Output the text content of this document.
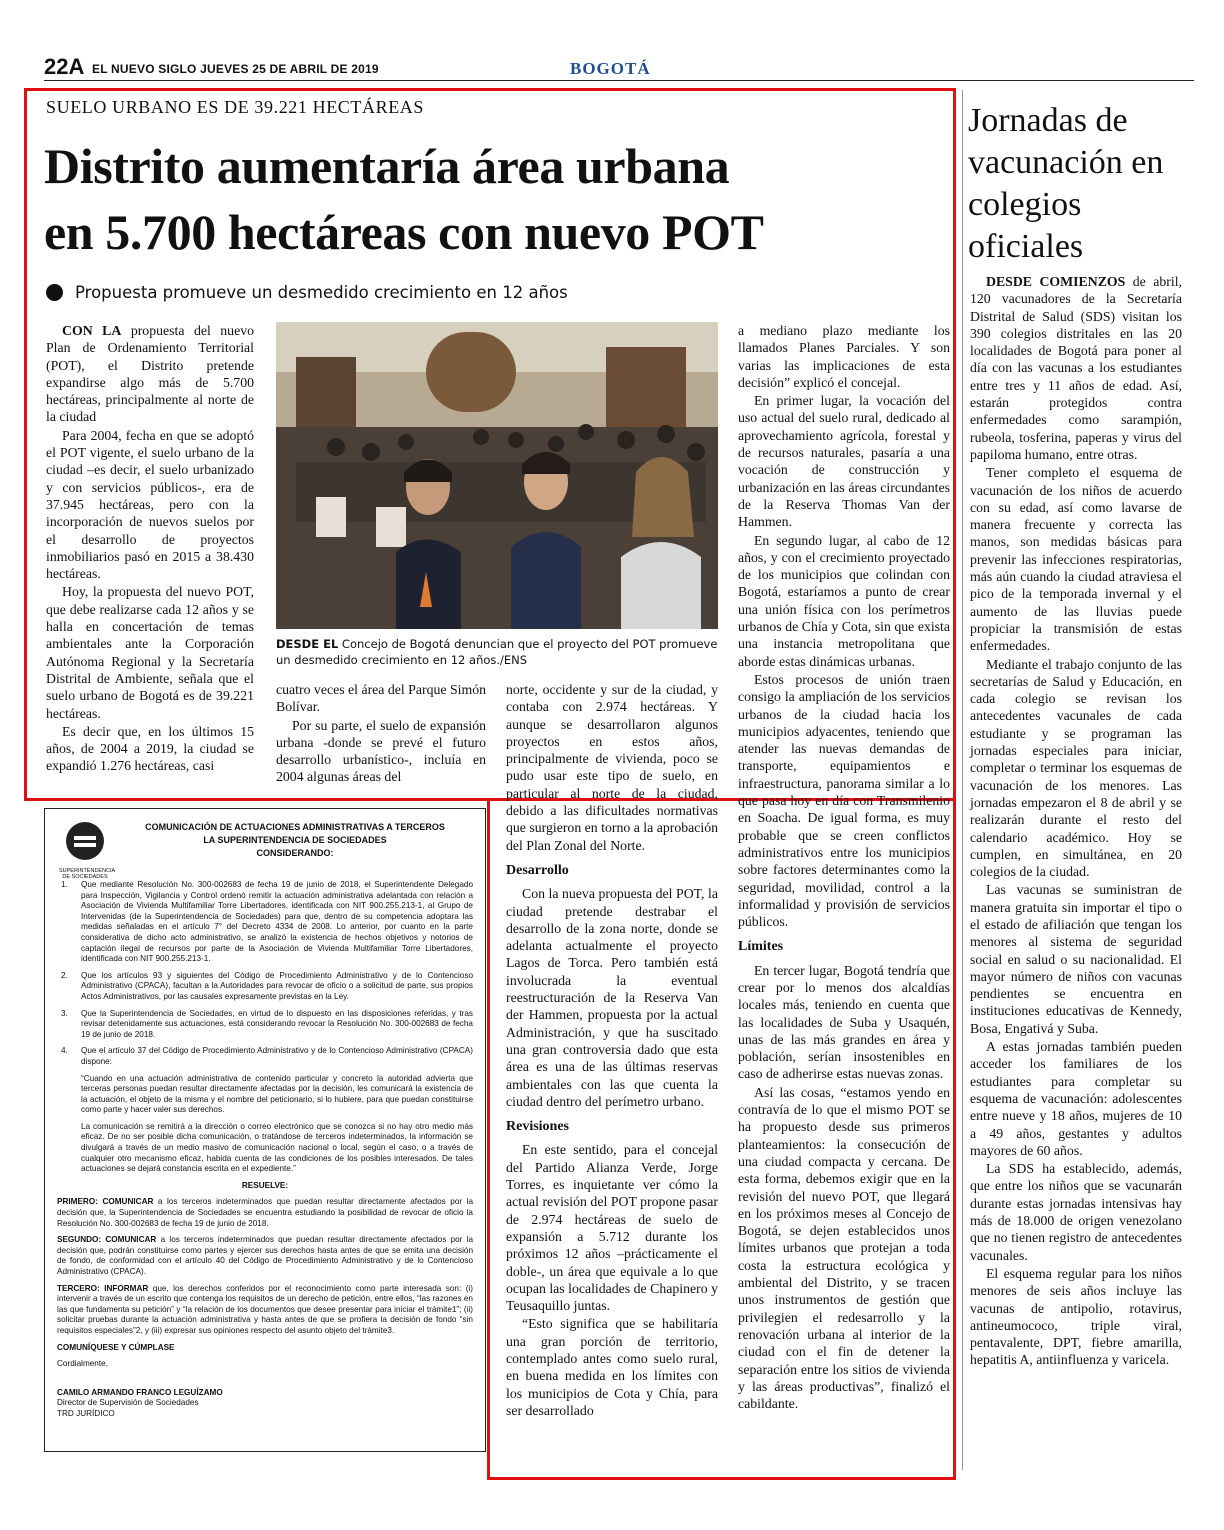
22A EL NUEVO SIGLO JUEVES 25 DE ABRIL DE 2019	BOGOTÁ
SUELO URBANO ES DE 39.221 HECTÁREAS
Distrito aumentaría área urbana
en 5.700 hectáreas con nuevo POT
Propuesta promueve un desmedido crecimiento en 12 años

CON LA propuesta del nuevo Plan de Ordenamiento Territorial (POT), el Distrito pretende expandirse algo más de 5.700 hectáreas, principalmente al norte de la ciudad

Para 2004, fecha en que se adoptó el POT vigente, el suelo urbano de la ciudad –es decir, el suelo urbanizado y con servicios públicos-, era de 37.945 hectáreas, pero con la incorporación de nuevos suelos por el desarrollo de proyectos inmobiliarios pasó en 2015 a 38.430 hectáreas.

Hoy, la propuesta del nuevo POT, que debe realizarse cada 12 años y se halla en concertación de temas ambientales ante la Corporación Autónoma Regional y la Secretaría Distrital de Ambiente, señala que el suelo urbano de Bogotá es de 39.221 hectáreas.

Es decir que, en los últimos 15 años, de 2004 a 2019, la ciudad se expandió 1.276 hectáreas, casi

DESDE EL Concejo de Bogotá denuncian que el proyecto del POT promueve un desmedido crecimiento en 12 años./ENS

cuatro veces el área del Parque Simón Bolívar.

Por su parte, el suelo de expansión urbana -donde se prevé el futuro desarrollo urbanístico-, incluía en 2004 algunas áreas del

norte, occidente y sur de la ciudad, y contaba con 2.974 hectáreas. Y aunque se desarrollaron algunos proyectos en estos años, principalmente de vivienda, poco se pudo usar este tipo de suelo, en particular al norte de la ciudad, debido a las dificultades normativas que surgieron en torno a la aprobación del Plan Zonal del Norte.

Desarrollo

Con la nueva propuesta del POT, la ciudad pretende destrabar el desarrollo de la zona norte, donde se adelanta actualmente el proyecto Lagos de Torca. Pero también está involucrada la eventual reestructuración de la Reserva Van der Hammen, propuesta por la actual Administración, y que ha suscitado una gran controversia dado que esta área es una de las últimas reservas ambientales con las que cuenta la ciudad dentro del perímetro urbano.

Revisiones

En este sentido, para el concejal del Partido Alianza Verde, Jorge Torres, es inquietante ver cómo la actual revisión del POT propone pasar de 2.974 hectáreas de suelo de expansión a 5.712 durante los próximos 12 años –prácticamente el doble-, un área que equivale a lo que ocupan las localidades de Chapinero y Teusaquillo juntas.

“Esto significa que se habilitaría una gran porción de territorio, contemplado antes como suelo rural, en buena medida en los límites con los municipios de Cota y Chía, para ser desarrollado

a mediano plazo mediante los llamados Planes Parciales. Y son varias las implicaciones de esta decisión” explicó el concejal.

En primer lugar, la vocación del uso actual del suelo rural, dedicado al aprovechamiento agrícola, forestal y de recursos naturales, pasaría a una vocación de construcción y urbanización en las áreas circundantes de la Reserva Thomas Van der Hammen.

En segundo lugar, al cabo de 12 años, y con el crecimiento proyectado de los municipios que colindan con Bogotá, estaríamos a punto de crear una unión física con los perímetros urbanos de Chía y Cota, sin que exista una instancia metropolitana que aborde estas dinámicas urbanas.

Estos procesos de unión traen consigo la ampliación de los servicios urbanos de la ciudad hacia los municipios adyacentes, teniendo que atender las nuevas demandas de transporte, equipamientos e infraestructura, panorama similar a lo que pasa hoy en día con Transmilenio en Soacha. De igual forma, es muy probable que se creen conflictos administrativos entre los municipios sobre factores determinantes como la seguridad, movilidad, control a la informalidad y provisión de servicios públicos.

Límites

En tercer lugar, Bogotá tendría que crear por lo menos dos alcaldías locales más, teniendo en cuenta que las localidades de Suba y Usaquén, unas de las más grandes en área y población, serían insostenibles en caso de adherirse estas nuevas zonas.

Así las cosas, “estamos yendo en contravía de lo que el mismo POT se ha propuesto desde sus primeros planteamientos: la consecución de una ciudad compacta y cercana. De esta forma, debemos exigir que en la revisión del nuevo POT, que llegará en los próximos meses al Concejo de Bogotá, se dejen establecidos unos límites urbanos que protejan a toda costa la estructura ecológica y ambiental del Distrito, y se tracen unos instrumentos de gestión que privilegien el redesarrollo y la renovación urbana al interior de la ciudad con el fin de detener la separación entre los sitios de vivienda y las áreas productivas”, finalizó el cabildante.

SUPERINTENDENCIA DE SOCIEDADES
COMUNICACIÓN DE ACTUACIONES ADMINISTRATIVAS A TERCEROS
LA SUPERINTENDENCIA DE SOCIEDADES
CONSIDERANDO:
1.	Que mediante Resolución No. 300-002683 de fecha 19 de junio de 2018, el Superintendente Delegado para Inspección, Vigilancia y Control ordenó remitir la actuación administrativa adelantada con relación a Asociación de Vivienda Multifamiliar Torre Libertadores, identificada con NIT 900.255.213-1, al Grupo de Intervenidas (de la Superintendencia de Sociedades) para que, dentro de su competencia adoptara las medidas señaladas en el artículo 7° del Decreto 4334 de 2008. Lo anterior, por cuanto en la parte considerativa de dicho acto administrativo, se analizó la existencia de hechos objetivos y notorios de captación ilegal de recursos por parte de la Asociación de Vivienda Multifamiliar Torre Libertadores, identificada con NIT 900.255.213-1.
2.	Que los artículos 93 y siguientes del Código de Procedimiento Administrativo y de lo Contencioso Administrativo (CPACA), facultan a la Autoridades para revocar de oficio o a solicitud de parte, sus propios Actos Administrativos, por las causales expresamente previstas en la Ley.
3.	Que la Superintendencia de Sociedades, en virtud de lo dispuesto en las disposiciones referidas, y tras revisar detenidamente sus actuaciones, está considerando revocar la Resolución No. 300-002683 de fecha 19 de junio de 2018.
4.	Que el artículo 37 del Código de Procedimiento Administrativo y de lo Contencioso Administrativo (CPACA) dispone:
“Cuando en una actuación administrativa de contenido particular y concreto la autoridad advierta que terceras personas puedan resultar directamente afectadas por la decisión, les comunicará la existencia de la actuación, el objeto de la misma y el nombre del peticionario, si lo hubiere, para que puedan constituirse como parte y hacer valer sus derechos.
La comunicación se remitirá a la dirección o correo electrónico que se conozca si no hay otro medio más eficaz. De no ser posible dicha comunicación, o tratándose de terceros indeterminados, la información se divulgará a través de un medio masivo de comunicación nacional o local, según el caso, o a través de cualquier otro mecanismo eficaz, habida cuenta de las condiciones de los posibles interesados. De tales actuaciones se dejará constancia escrita en el expediente.”
RESUELVE:
PRIMERO: COMUNICAR a los terceros indeterminados que puedan resultar directamente afectados por la decisión que, la Superintendencia de Sociedades se encuentra estudiando la posibilidad de revocar de oficio la Resolución No. 300-002683 de fecha 19 de junio de 2018.
SEGUNDO: COMUNICAR a los terceros indeterminados que puedan resultar directamente afectados por la decisión que, podrán constituirse como partes y ejercer sus derechos hasta antes de que se emita una decisión de fondo, de conformidad con el artículo 40 del Código de Procedimiento Administrativo y de lo Contencioso Administrativo (CPACA).
TERCERO: INFORMAR que, los derechos conferidos por el reconocimiento como parte interesada son: (i) intervenir a través de un escrito que contenga los requisitos de un derecho de petición, entre ellos, “las razones en las que fundamenta su petición” y “la relación de los documentos que desee presentar para iniciar el trámite1”; (ii) solicitar pruebas durante la actuación administrativa y hasta antes de que se profiera la decisión de fondo “sin requisitos especiales”2, y (iii) expresar sus opiniones respecto del asunto objeto del trámite3.
COMUNÍQUESE Y CÚMPLASE
Cordialmente,
CAMILO ARMANDO FRANCO LEGUÍZAMO
Director de Supervisión de Sociedades
TRD JURÍDICO
Jornadas de vacunación en colegios oficiales

DESDE COMIENZOS de abril, 120 vacunadores de la Secretaría Distrital de Salud (SDS) visitan los 390 colegios distritales en las 20 localidades de Bogotá para poner al día con las vacunas a los estudiantes entre tres y 11 años de edad. Así, estarán protegidos contra enfermedades como sarampión, rubeola, tosferina, paperas y virus del papiloma humano, entre otras.

Tener completo el esquema de vacunación de los niños de acuerdo con su edad, así como lavarse de manera frecuente y correcta las manos, son medidas básicas para prevenir las infecciones respiratorias, más aún cuando la ciudad atraviesa el pico de la temporada invernal y el aumento de las lluvias puede propiciar la transmisión de estas enfermedades.

Mediante el trabajo conjunto de las secretarías de Salud y Educación, en cada colegio se revisan los antecedentes vacunales de cada estudiante y se programan las jornadas especiales para iniciar, completar o terminar los esquemas de vacunación de los menores. Las jornadas empezaron el 8 de abril y se realizarán durante el resto del calendario académico. Hoy se cumplen, en simultánea, en 20 colegios de la ciudad.

Las vacunas se suministran de manera gratuita sin importar el tipo o el estado de afiliación que tengan los menores al sistema de seguridad social en salud o su nacionalidad. El mayor número de niños con vacunas pendientes se encuentra en instituciones educativas de Kennedy, Bosa, Engativá y Suba.

A estas jornadas también pueden acceder los familiares de los estudiantes para completar su esquema de vacunación: adolescentes entre nueve y 18 años, mujeres de 10 a 49 años, gestantes y adultos mayores de 60 años.

La SDS ha establecido, además, que entre los niños que se vacunarán durante estas jornadas intensivas hay más de 18.000 de origen venezolano que no tienen registro de antecedentes vacunales.

El esquema regular para los niños menores de seis años incluye las vacunas de antipolio, rotavirus, antineumococo, triple viral, pentavalente, DPT, fiebre amarilla, hepatitis A, antiinfluenza y varicela.
